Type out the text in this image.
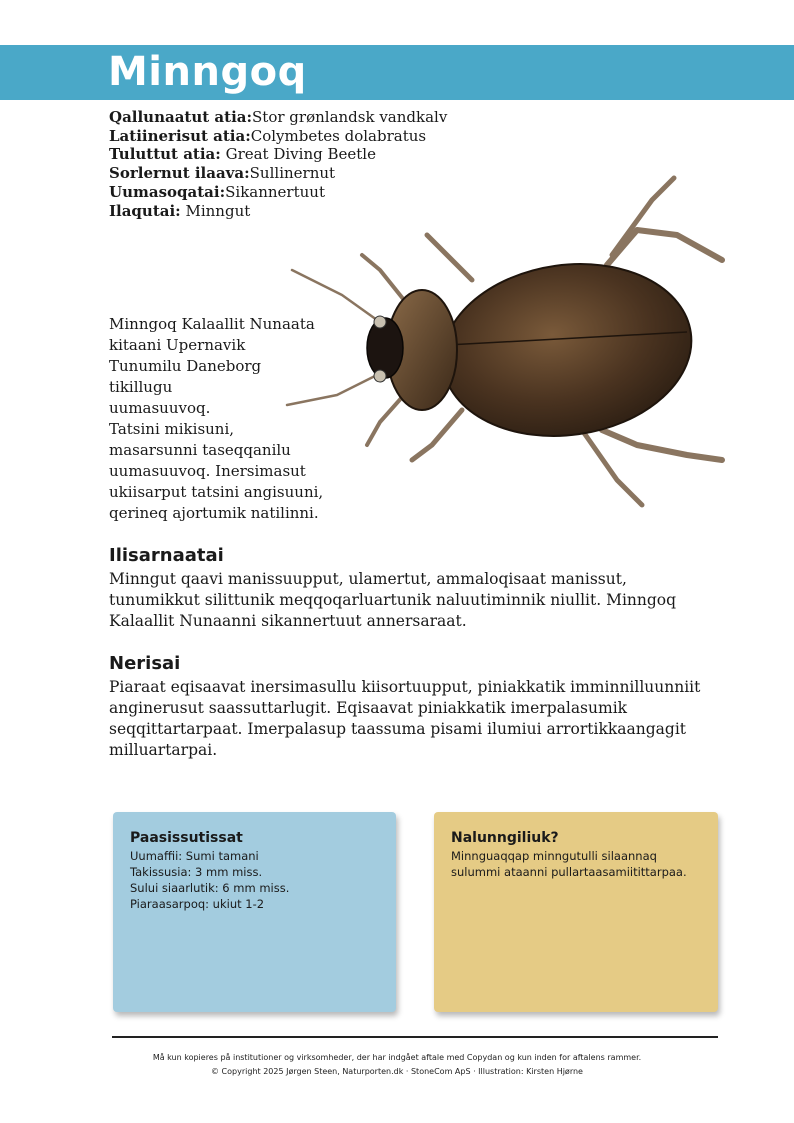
Minngoq
Qallunaatut atia:Stor grønlandsk vandkalv
Latiinerisut atia:Colymbetes dolabratus
Tuluttut atia: Great Diving Beetle
Sorlernut ilaava:Sullinernut
Uumasoqatai:Sikannertuut
Ilaqutai: Minngut
Minngoq Kalaallit Nunaata
kitaani Upernavik
Tunumilu Daneborg
tikillugu
uumasuuvoq.
Tatsini mikisuni,
masarsunni taseqqanilu
uumasuuvoq. Inersimasut
ukiisarput tatsini angisuuni,
qerineq ajortumik natilinni.
Ilisarnaatai
Minngut qaavi manissuupput, ulamertut, ammaloqisaat manissut,
tunumikkut silittunik meqqoqarluartunik naluutiminnik niullit. Minngoq
Kalaallit Nunaanni sikannertuut annersaraat.
Nerisai
Piaraat eqisaavat inersimasullu kiisortuupput, piniakkatik imminnilluunniit
anginerusut saassuttarlugit. Eqisaavat piniakkatik imerpalasumik
seqqittartarpaat. Imerpalasup taassuma pisami ilumiui arrortikkaangagit
milluartarpai.
Paasissutissat
Uumaffii: Sumi tamani
Takissusia: 3 mm miss.
Sului siaarlutik: 6 mm miss.
Piaraasarpoq: ukiut 1-2
Nalunngiliuk?
Minnguaqqap minngutulli silaannaq
sulummi ataanni pullartaasamiitittarpaa.
Må kun kopieres på institutioner og virksomheder, der har indgået aftale med Copydan og kun inden for aftalens rammer.
© Copyright 2025 Jørgen Steen, Naturporten.dk · StoneCom ApS · Illustration: Kirsten Hjørne
